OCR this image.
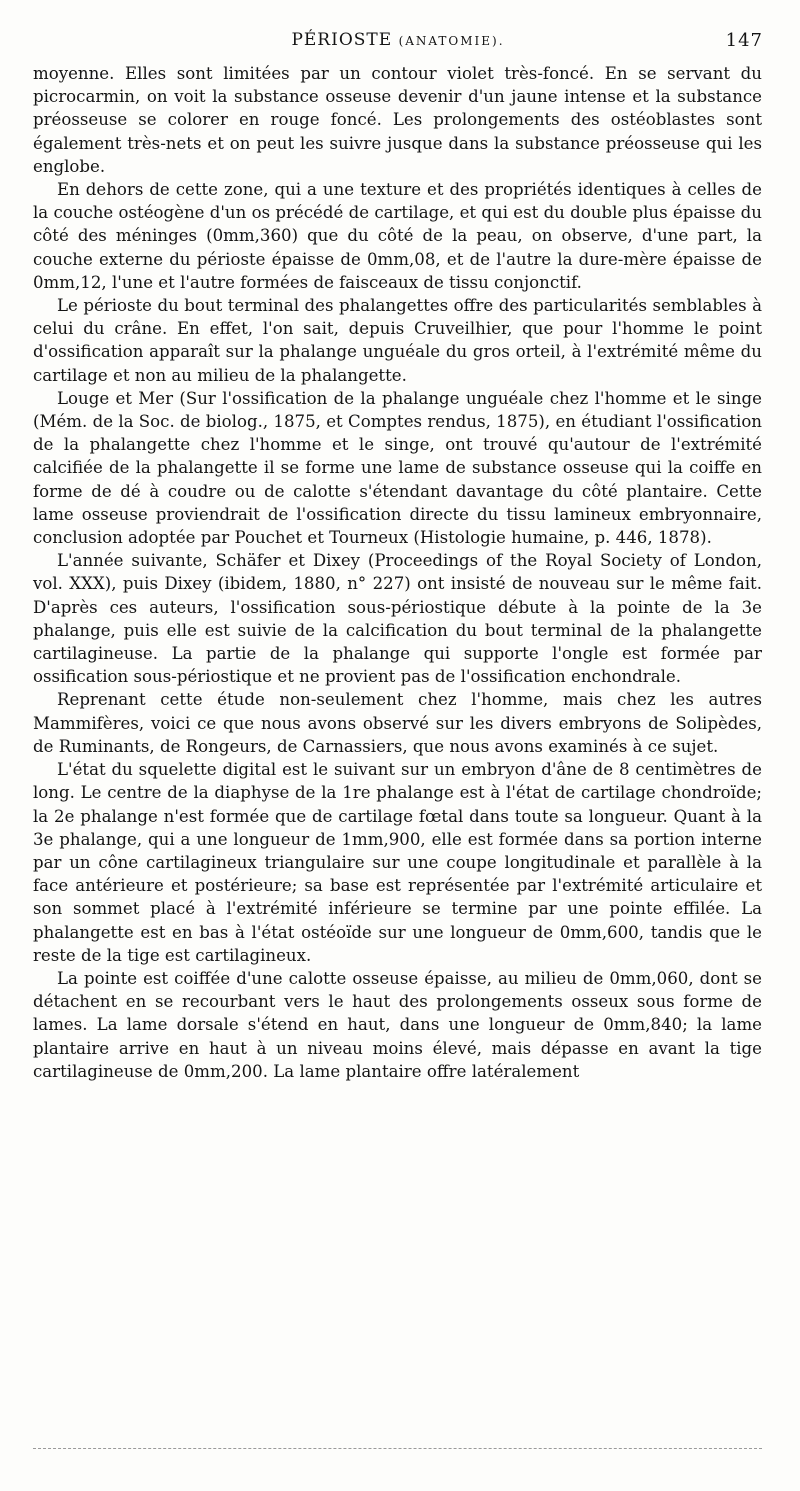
PÉRIOSTE (ANATOMIE).	147

moyenne. Elles sont limitées par un contour violet très-foncé. En se servant du picrocarmin, on voit la substance osseuse devenir d'un jaune intense et la substance préosseuse se colorer en rouge foncé. Les prolongements des ostéoblastes sont également très-nets et on peut les suivre jusque dans la substance préosseuse qui les englobe.

En dehors de cette zone, qui a une texture et des propriétés identiques à celles de la couche ostéogène d'un os précédé de cartilage, et qui est du double plus épaisse du côté des méninges (0mm,360) que du côté de la peau, on observe, d'une part, la couche externe du périoste épaisse de 0mm,08, et de l'autre la dure-mère épaisse de 0mm,12, l'une et l'autre formées de faisceaux de tissu conjonctif.

Le périoste du bout terminal des phalangettes offre des particularités semblables à celui du crâne. En effet, l'on sait, depuis Cruveilhier, que pour l'homme le point d'ossification apparaît sur la phalange unguéale du gros orteil, à l'extrémité même du cartilage et non au milieu de la phalangette.

Louge et Mer (Sur l'ossification de la phalange unguéale chez l'homme et le singe (Mém. de la Soc. de biolog., 1875, et Comptes rendus, 1875), en étudiant l'ossification de la phalangette chez l'homme et le singe, ont trouvé qu'autour de l'extrémité calcifiée de la phalangette il se forme une lame de substance osseuse qui la coiffe en forme de dé à coudre ou de calotte s'étendant davantage du côté plantaire. Cette lame osseuse proviendrait de l'ossification directe du tissu lamineux embryonnaire, conclusion adoptée par Pouchet et Tourneux (Histologie humaine, p. 446, 1878).

L'année suivante, Schäfer et Dixey (Proceedings of the Royal Society of London, vol. XXX), puis Dixey (ibidem, 1880, n° 227) ont insisté de nouveau sur le même fait. D'après ces auteurs, l'ossification sous-périostique débute à la pointe de la 3e phalange, puis elle est suivie de la calcification du bout terminal de la phalangette cartilagineuse. La partie de la phalange qui supporte l'ongle est formée par ossification sous-périostique et ne provient pas de l'ossification enchondrale.

Reprenant cette étude non-seulement chez l'homme, mais chez les autres Mammifères, voici ce que nous avons observé sur les divers embryons de Solipèdes, de Ruminants, de Rongeurs, de Carnassiers, que nous avons examinés à ce sujet.

L'état du squelette digital est le suivant sur un embryon d'âne de 8 centimètres de long. Le centre de la diaphyse de la 1re phalange est à l'état de cartilage chondroïde; la 2e phalange n'est formée que de cartilage fœtal dans toute sa longueur. Quant à la 3e phalange, qui a une longueur de 1mm,900, elle est formée dans sa portion interne par un cône cartilagineux triangulaire sur une coupe longitudinale et parallèle à la face antérieure et postérieure; sa base est représentée par l'extrémité articulaire et son sommet placé à l'extrémité inférieure se termine par une pointe effilée. La phalangette est en bas à l'état ostéoïde sur une longueur de 0mm,600, tandis que le reste de la tige est cartilagineux.

La pointe est coiffée d'une calotte osseuse épaisse, au milieu de 0mm,060, dont se détachent en se recourbant vers le haut des prolongements osseux sous forme de lames. La lame dorsale s'étend en haut, dans une longueur de 0mm,840; la lame plantaire arrive en haut à un niveau moins élevé, mais dépasse en avant la tige cartilagineuse de 0mm,200. La lame plantaire offre latéralement
